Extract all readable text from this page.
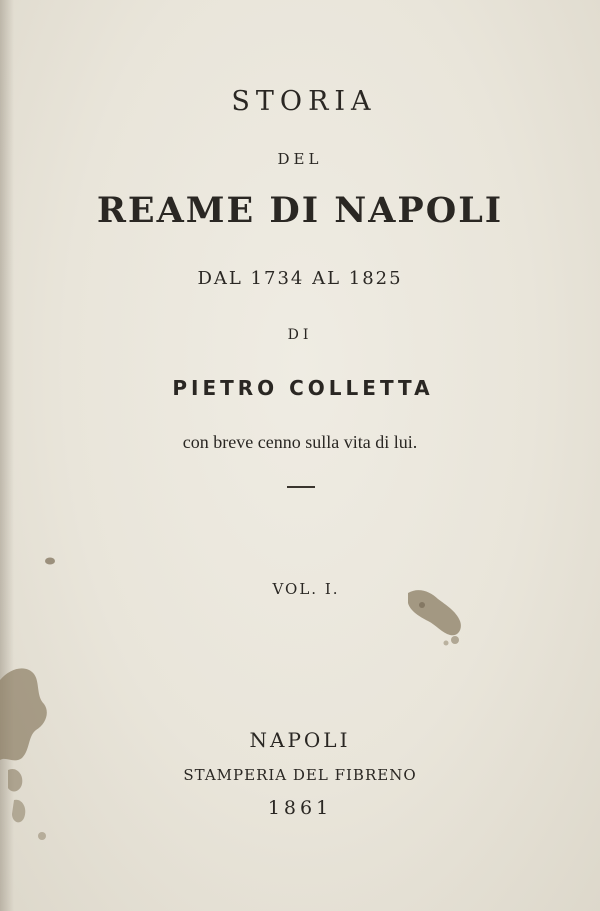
STORIA
DEL
REAME DI NAPOLI
DAL 1734 AL 1825
DI
PIETRO COLLETTA
con breve cenno sulla vita di lui.
VOL. I.
NAPOLI
STAMPERIA DEL FIBRENO
1861
